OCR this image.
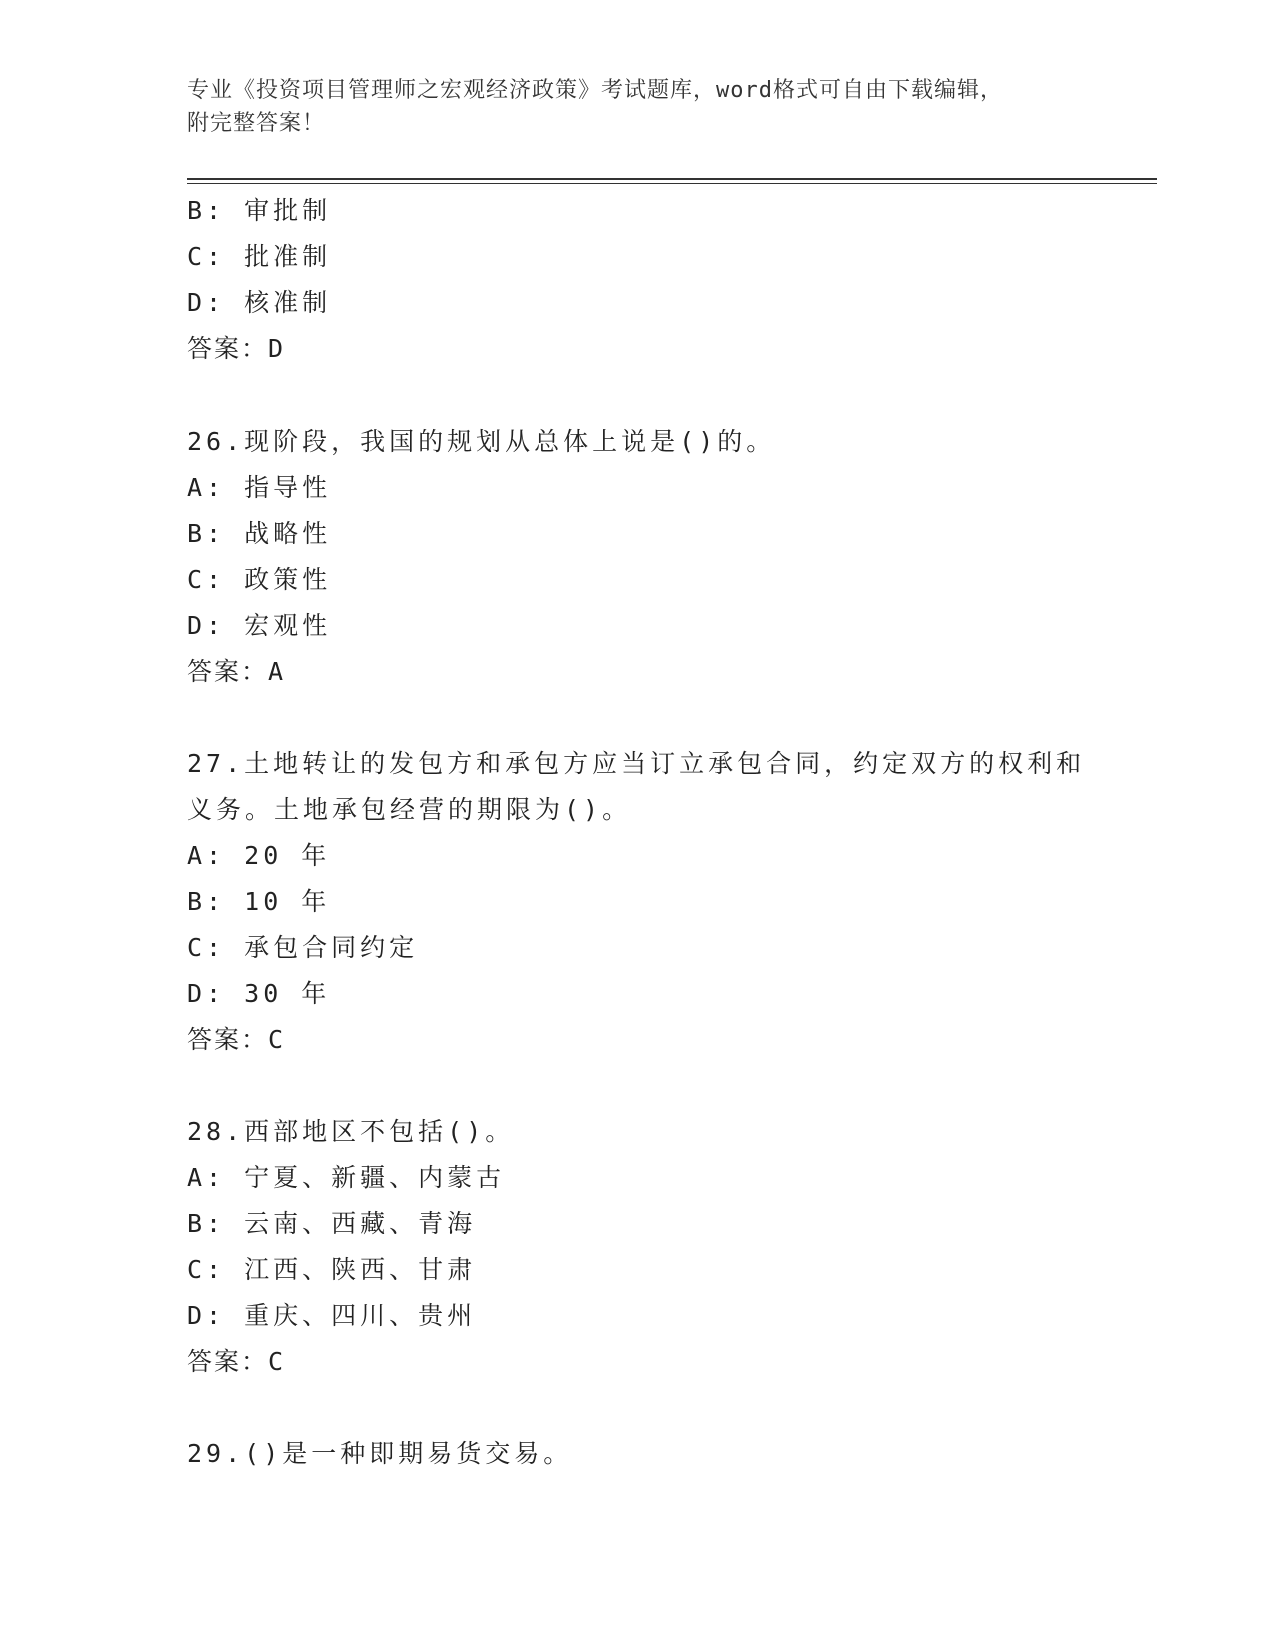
专业《投资项目管理师之宏观经济政策》考试题库，word格式可自由下载编辑，
附完整答案！
B: 审批制
C: 批准制
D: 核准制
答案：D
26.现阶段，我国的规划从总体上说是()的。
A: 指导性
B: 战略性
C: 政策性
D: 宏观性
答案：A
27.土地转让的发包方和承包方应当订立承包合同，约定双方的权利和
义务。土地承包经营的期限为()。
A: 20 年
B: 10 年
C: 承包合同约定
D: 30 年
答案：C
28.西部地区不包括()。
A: 宁夏、新疆、内蒙古
B: 云南、西藏、青海
C: 江西、陕西、甘肃
D: 重庆、四川、贵州
答案：C
29.()是一种即期易货交易。
